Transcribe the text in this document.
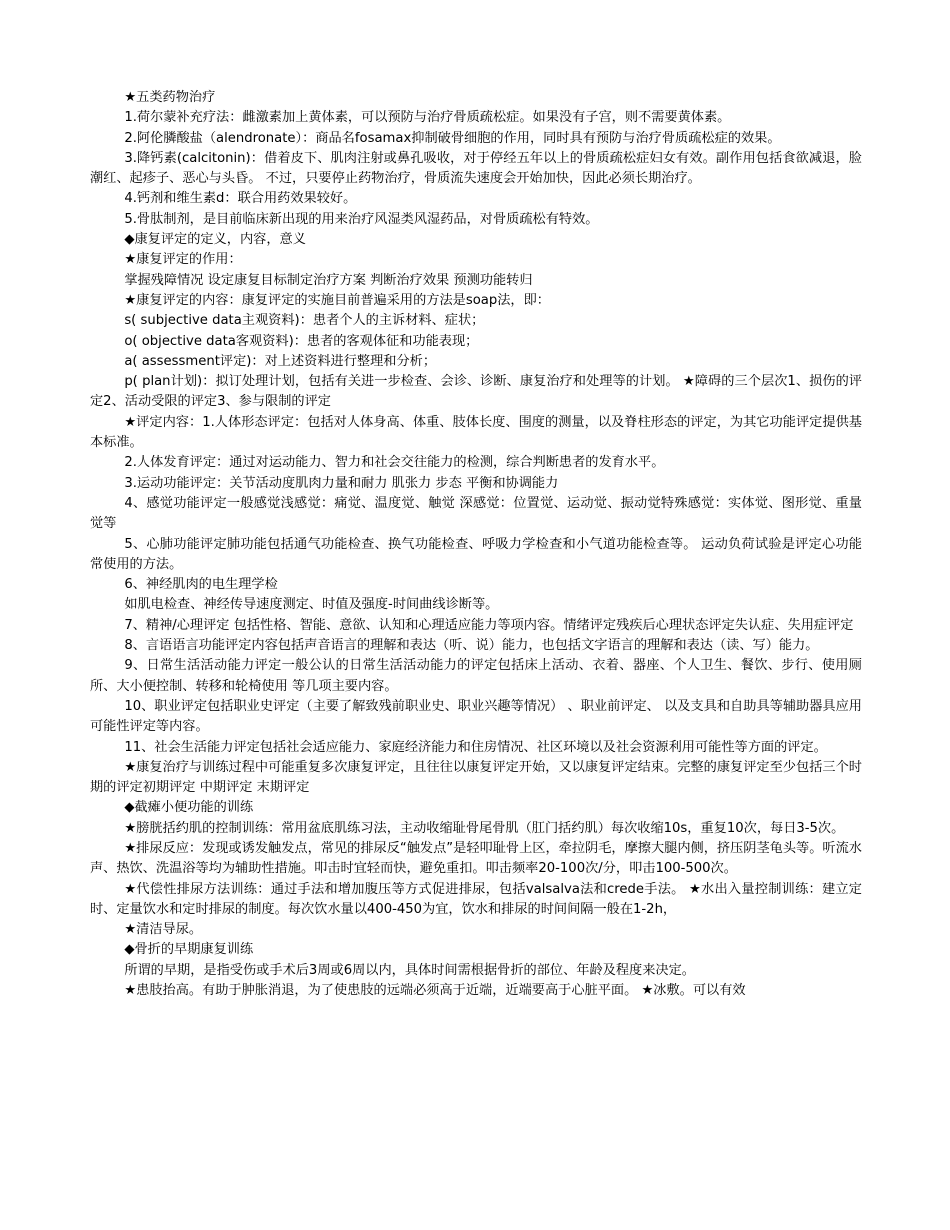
★五类药物治疗

1.荷尔蒙补充疗法：雌激素加上黄体素，可以预防与治疗骨质疏松症。如果没有子宫，则不需要黄体素。

2.阿伦膦酸盐（alendronate）：商品名fosamax抑制破骨细胞的作用，同时具有预防与治疗骨质疏松症的效果。

3.降钙素(calcitonin)：借着皮下、肌肉注射或鼻孔吸收，对于停经五年以上的骨质疏松症妇女有效。副作用包括食欲减退，脸潮红、起疹子、恶心与头昏。 不过，只要停止药物治疗，骨质流失速度会开始加快，因此必须长期治疗。

4.钙剂和维生素d：联合用药效果较好。

5.骨肽制剂，是目前临床新出现的用来治疗风湿类风湿药品，对骨质疏松有特效。

◆康复评定的定义，内容，意义

★康复评定的作用：

掌握残障情况 设定康复目标制定治疗方案 判断治疗效果 预测功能转归

★康复评定的内容：康复评定的实施目前普遍采用的方法是soap法，即：

s( subjective data主观资料)：患者个人的主诉材料、症状；

o( objective data客观资料)：患者的客观体征和功能表现；

a( assessment评定)：对上述资料进行整理和分析；

p( plan计划)：拟订处理计划，包括有关进一步检查、会诊、诊断、康复治疗和处理等的计划。 ★障碍的三个层次1、损伤的评定2、活动受限的评定3、参与限制的评定

★评定内容：1.人体形态评定：包括对人体身高、体重、肢体长度、围度的测量，以及脊柱形态的评定，为其它功能评定提供基本标准。

2.人体发育评定：通过对运动能力、智力和社会交往能力的检测，综合判断患者的发育水平。

3.运动功能评定：关节活动度肌肉力量和耐力 肌张力 步态 平衡和协调能力

4、感觉功能评定一般感觉浅感觉：痛觉、温度觉、触觉 深感觉：位置觉、运动觉、振动觉特殊感觉：实体觉、图形觉、重量觉等

5、心肺功能评定肺功能包括通气功能检查、换气功能检查、呼吸力学检查和小气道功能检查等。 运动负荷试验是评定心功能常使用的方法。

6、神经肌肉的电生理学检

如肌电检查、神经传导速度测定、时值及强度-时间曲线诊断等。

7、精神/心理评定 包括性格、智能、意欲、认知和心理适应能力等项内容。情绪评定残疾后心理状态评定失认症、失用症评定

8、言语语言功能评定内容包括声音语言的理解和表达（听、说）能力，也包括文字语言的理解和表达（读、写）能力。

9、日常生活活动能力评定一般公认的日常生活活动能力的评定包括床上活动、衣着、器座、个人卫生、餐饮、步行、使用厕所、大小便控制、转移和轮椅使用 等几项主要内容。

10、职业评定包括职业史评定（主要了解致残前职业史、职业兴趣等情况） 、职业前评定、 以及支具和自助具等辅助器具应用可能性评定等内容。

11、社会生活能力评定包括社会适应能力、家庭经济能力和住房情况、社区环境以及社会资源利用可能性等方面的评定。

★康复治疗与训练过程中可能重复多次康复评定，且往往以康复评定开始，又以康复评定结束。完整的康复评定至少包括三个时期的评定初期评定 中期评定 末期评定

◆截瘫小便功能的训练

★膀胱括约肌的控制训练：常用盆底肌练习法，主动收缩耻骨尾骨肌（肛门括约肌）每次收缩10s，重复10次，每日3-5次。

★排尿反应：发现或诱发触发点，常见的排尿反“触发点”是轻叩耻骨上区，牵拉阴毛，摩擦大腿内侧，挤压阴茎龟头等。听流水声、热饮、洗温浴等均为辅助性措施。叩击时宜轻而快，避免重扣。叩击频率20-100次/分，叩击100-500次。

★代偿性排尿方法训练：通过手法和增加腹压等方式促进排尿，包括valsalva法和crede手法。 ★水出入量控制训练：建立定时、定量饮水和定时排尿的制度。每次饮水量以400-450为宜，饮水和排尿的时间间隔一般在1-2h，

★清洁导尿。

◆骨折的早期康复训练

所谓的早期，是指受伤或手术后3周或6周以内，具体时间需根据骨折的部位、年龄及程度来决定。

★患肢抬高。有助于肿胀消退，为了使患肢的远端必须高于近端，近端要高于心脏平面。 ★冰敷。可以有效
